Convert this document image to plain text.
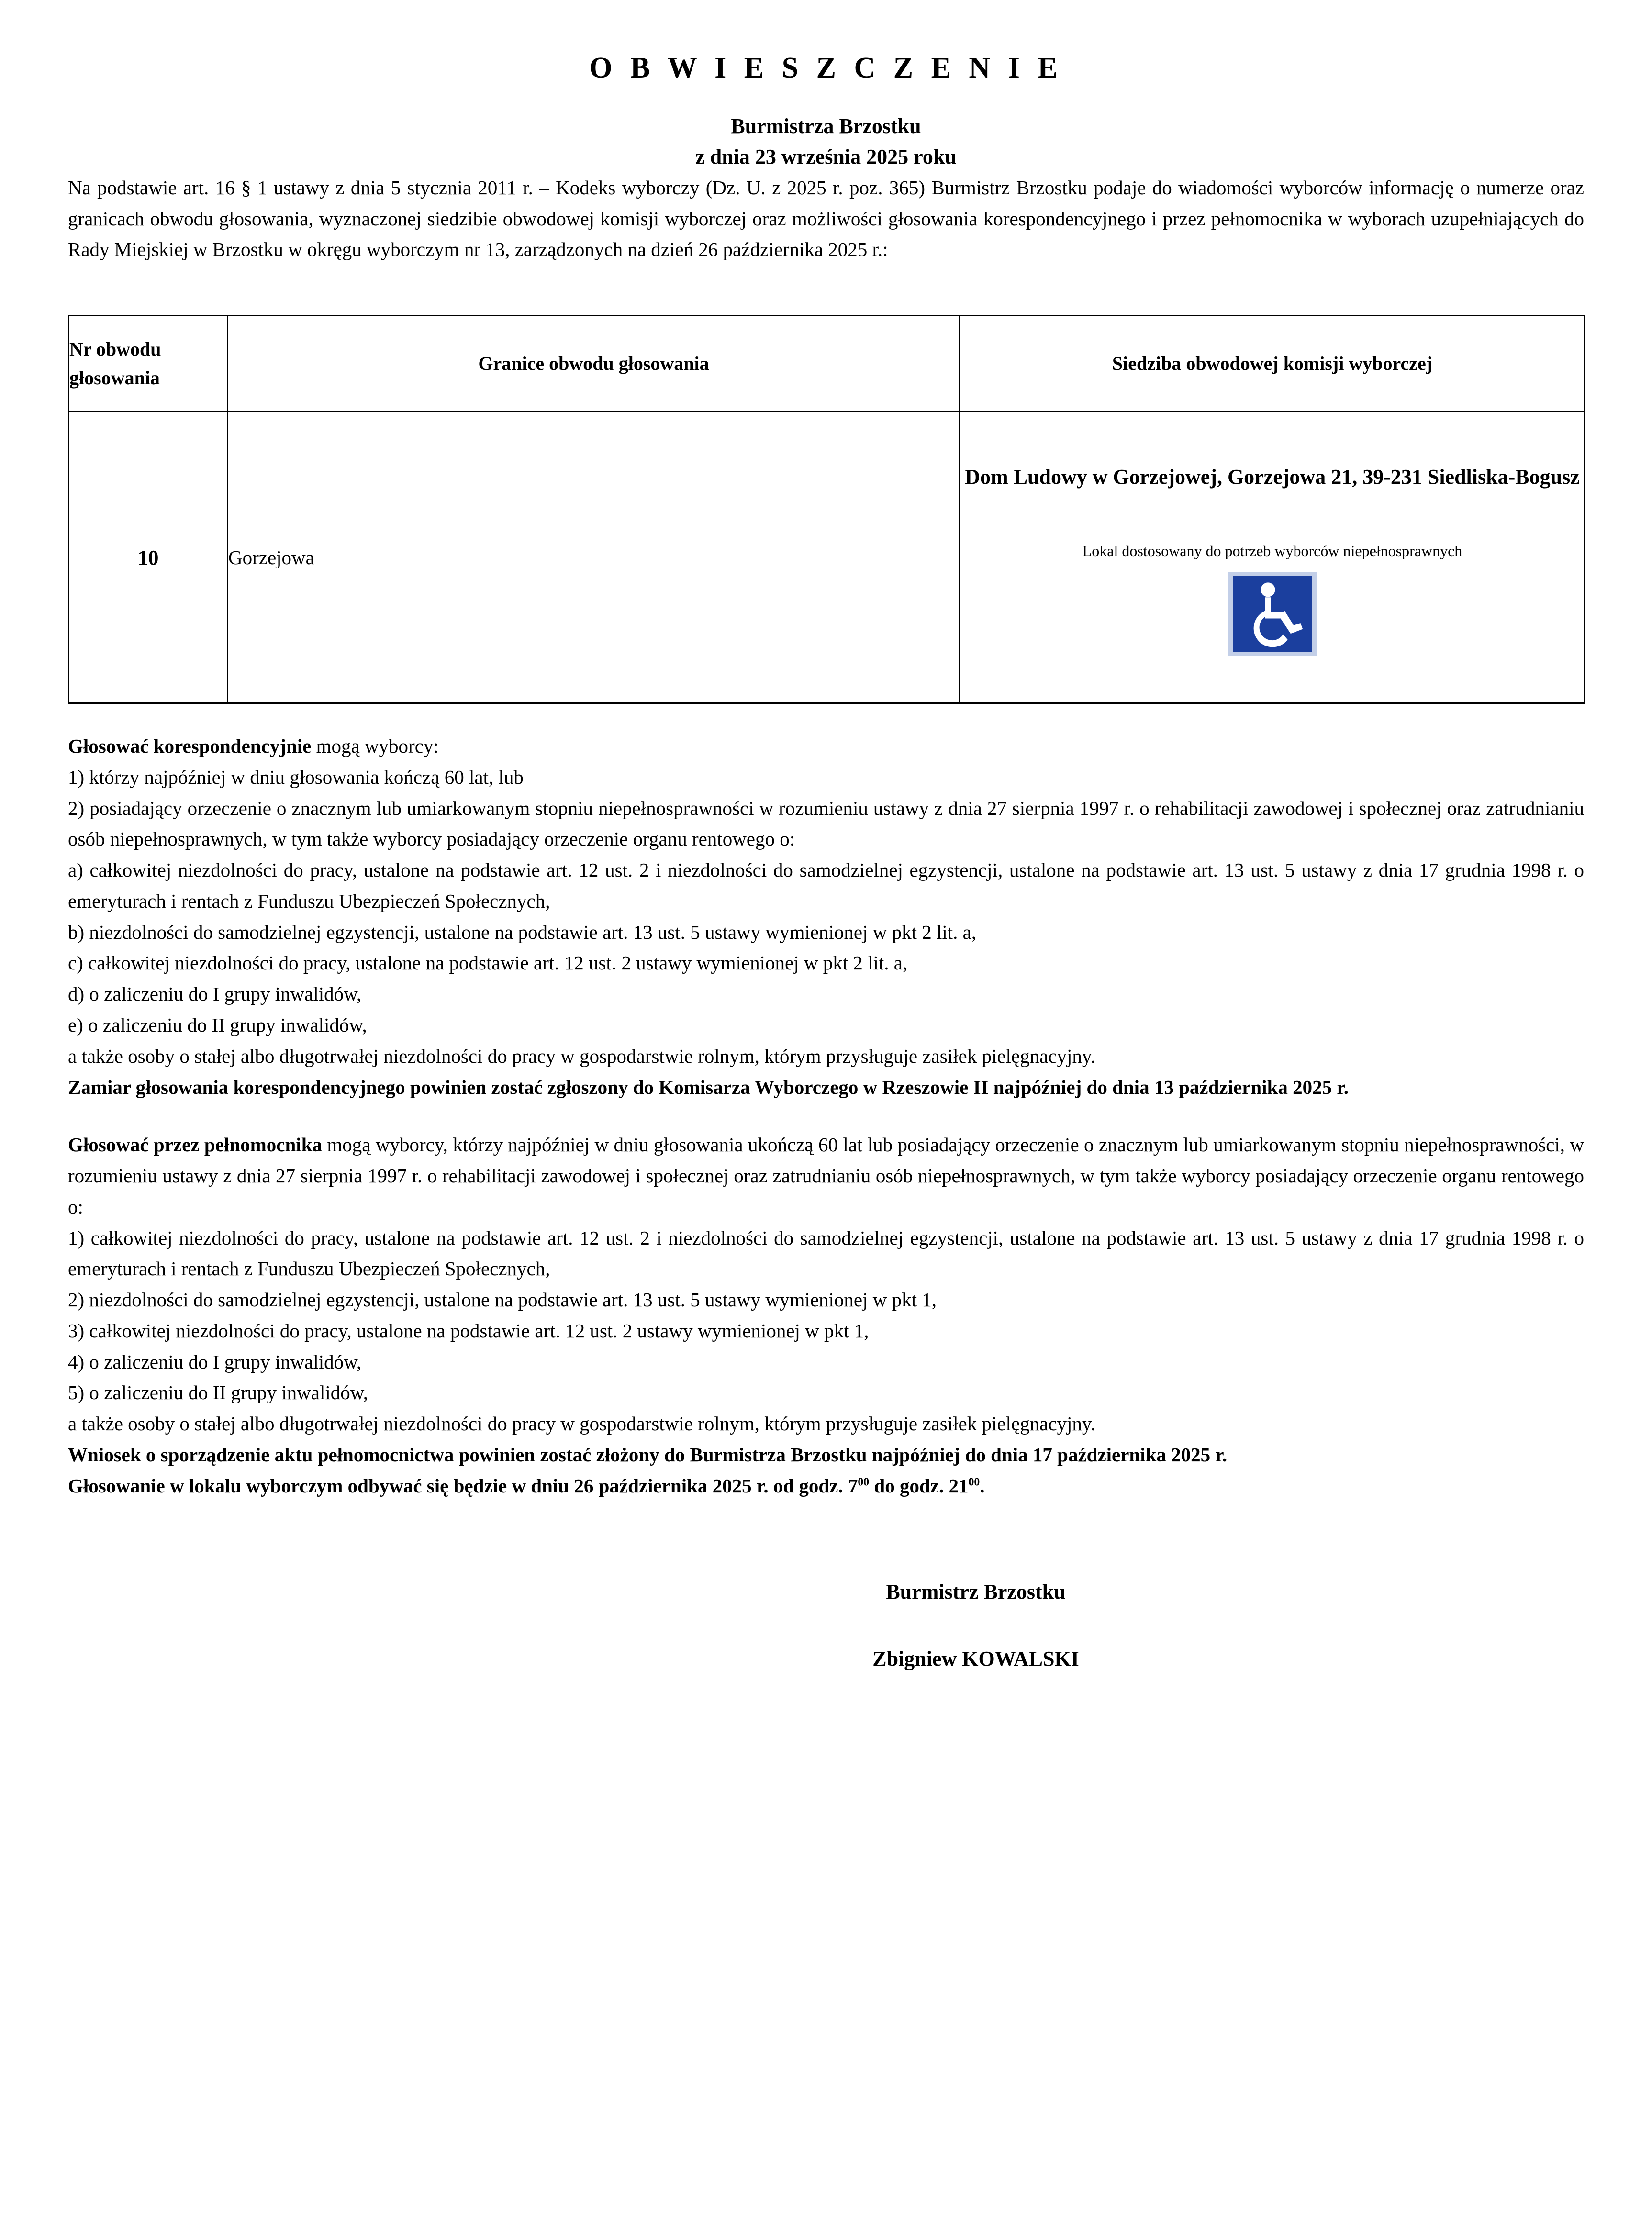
O B W I E S Z C Z E N I E
Burmistrza Brzostku
z dnia 23 września 2025 roku

Na podstawie art. 16 § 1 ustawy z dnia 5 stycznia 2011 r. – Kodeks wyborczy (Dz. U. z 2025 r. poz. 365) Burmistrz Brzostku podaje do wiadomości wyborców informację o numerze oraz granicach obwodu głosowania, wyznaczonej siedzibie obwodowej komisji wyborczej oraz możliwości głosowania korespondencyjnego i przez pełnomocnika w wyborach uzupełniających do Rady Miejskiej w Brzostku w okręgu wyborczym nr 13, zarządzonych na dzień 26 października 2025 r.:

Nr obwodu głosowania	Granice obwodu głosowania	Siedziba obwodowej komisji wyborczej
10	Gorzejowa	Dom Ludowy w Gorzejowej, Gorzejowa 21, 39-231 Siedliska-Bogusz
Lokal dostosowany do potrzeb wyborców niepełnosprawnych

Głosować korespondencyjnie mogą wyborcy:

1) którzy najpóźniej w dniu głosowania kończą 60 lat, lub

2) posiadający orzeczenie o znacznym lub umiarkowanym stopniu niepełnosprawności w rozumieniu ustawy z dnia 27 sierpnia 1997 r. o rehabilitacji zawodowej i społecznej oraz zatrudnianiu osób niepełnosprawnych, w tym także wyborcy posiadający orzeczenie organu rentowego o:

a) całkowitej niezdolności do pracy, ustalone na podstawie art. 12 ust. 2 i niezdolności do samodzielnej egzystencji, ustalone na podstawie art. 13 ust. 5 ustawy z dnia 17 grudnia 1998 r. o emeryturach i rentach z Funduszu Ubezpieczeń Społecznych,

b) niezdolności do samodzielnej egzystencji, ustalone na podstawie art. 13 ust. 5 ustawy wymienionej w pkt 2 lit. a,

c) całkowitej niezdolności do pracy, ustalone na podstawie art. 12 ust. 2 ustawy wymienionej w pkt 2 lit. a,

d) o zaliczeniu do I grupy inwalidów,

e) o zaliczeniu do II grupy inwalidów,

a także osoby o stałej albo długotrwałej niezdolności do pracy w gospodarstwie rolnym, którym przysługuje zasiłek pielęgnacyjny.

Zamiar głosowania korespondencyjnego powinien zostać zgłoszony do Komisarza Wyborczego w Rzeszowie II najpóźniej do dnia 13 października 2025 r.

Głosować przez pełnomocnika mogą wyborcy, którzy najpóźniej w dniu głosowania ukończą 60 lat lub posiadający orzeczenie o znacznym lub umiarkowanym stopniu niepełnosprawności, w rozumieniu ustawy z dnia 27 sierpnia 1997 r. o rehabilitacji zawodowej i społecznej oraz zatrudnianiu osób niepełnosprawnych, w tym także wyborcy posiadający orzeczenie organu rentowego o:

1) całkowitej niezdolności do pracy, ustalone na podstawie art. 12 ust. 2 i niezdolności do samodzielnej egzystencji, ustalone na podstawie art. 13 ust. 5 ustawy z dnia 17 grudnia 1998 r. o emeryturach i rentach z Funduszu Ubezpieczeń Społecznych,

2) niezdolności do samodzielnej egzystencji, ustalone na podstawie art. 13 ust. 5 ustawy wymienionej w pkt 1,

3) całkowitej niezdolności do pracy, ustalone na podstawie art. 12 ust. 2 ustawy wymienionej w pkt 1,

4) o zaliczeniu do I grupy inwalidów,

5) o zaliczeniu do II grupy inwalidów,

a także osoby o stałej albo długotrwałej niezdolności do pracy w gospodarstwie rolnym, którym przysługuje zasiłek pielęgnacyjny.

Wniosek o sporządzenie aktu pełnomocnictwa powinien zostać złożony do Burmistrza Brzostku najpóźniej do dnia 17 października 2025 r.

Głosowanie w lokalu wyborczym odbywać się będzie w dniu 26 października 2025 r. od godz. $7^{00}$ do godz. $21^{00}$.

Burmistrz Brzostku
Zbigniew KOWALSKI
